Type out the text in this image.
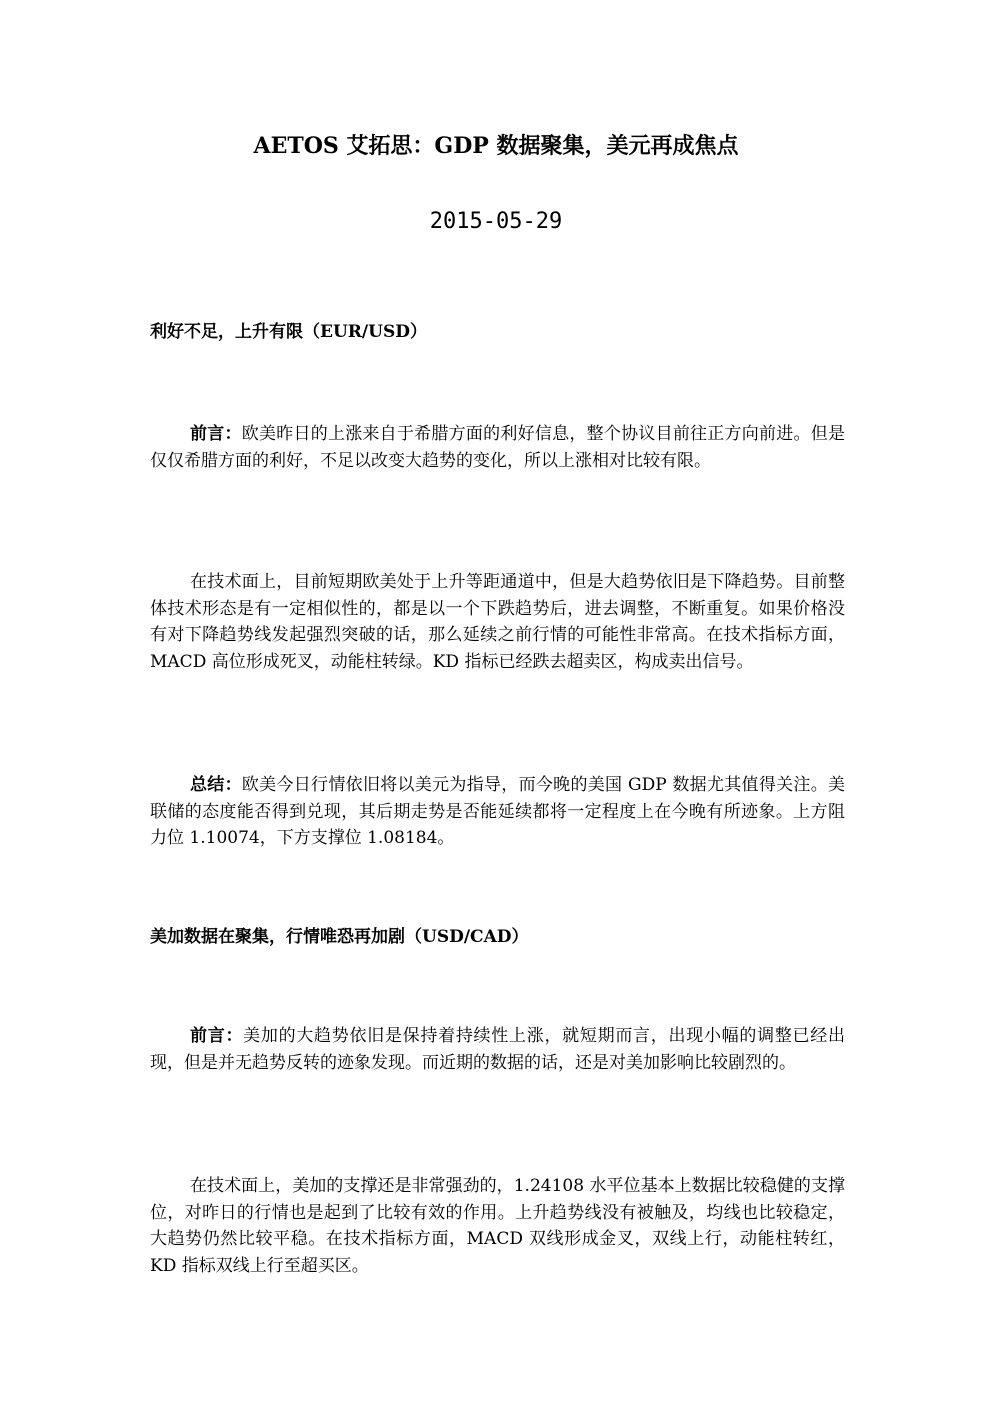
AETOS 艾拓思：GDP 数据聚集，美元再成焦点
2015-05-29
利好不足，上升有限（EUR/USD）

前言：欧美昨日的上涨来自于希腊方面的利好信息，整个协议目前往正方向前进。但是仅仅希腊方面的利好，不足以改变大趋势的变化，所以上涨相对比较有限。

在技术面上，目前短期欧美处于上升等距通道中，但是大趋势依旧是下降趋势。目前整体技术形态是有一定相似性的，都是以一个下跌趋势后，进去调整，不断重复。如果价格没有对下降趋势线发起强烈突破的话，那么延续之前行情的可能性非常高。在技术指标方面，MACD 高位形成死叉，动能柱转绿。KD 指标已经跌去超卖区，构成卖出信号。

总结：欧美今日行情依旧将以美元为指导，而今晚的美国 GDP 数据尤其值得关注。美联储的态度能否得到兑现，其后期走势是否能延续都将一定程度上在今晚有所迹象。上方阻力位 1.10074，下方支撑位 1.08184。

美加数据在聚集，行情唯恐再加剧（USD/CAD）

前言：美加的大趋势依旧是保持着持续性上涨，就短期而言，出现小幅的调整已经出现，但是并无趋势反转的迹象发现。而近期的数据的话，还是对美加影响比较剧烈的。

在技术面上，美加的支撑还是非常强劲的，1.24108 水平位基本上数据比较稳健的支撑位，对昨日的行情也是起到了比较有效的作用。上升趋势线没有被触及，均线也比较稳定，大趋势仍然比较平稳。在技术指标方面，MACD 双线形成金叉，双线上行，动能柱转红，KD 指标双线上行至超买区。
